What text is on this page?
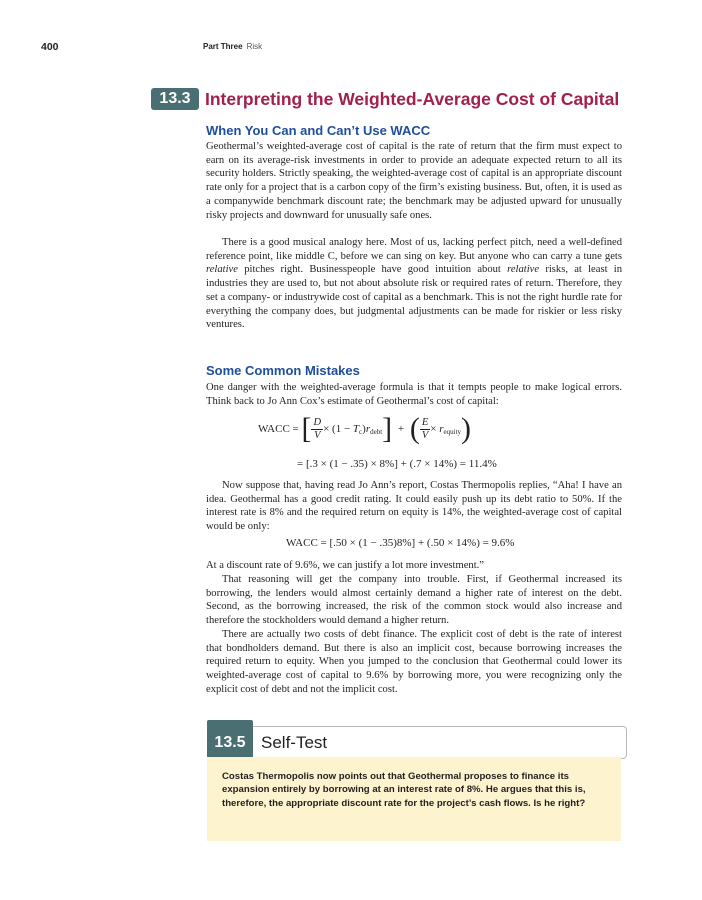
400	Part Three Risk
13.3 Interpreting the Weighted-Average Cost of Capital
When You Can and Can’t Use WACC

Geothermal’s weighted-average cost of capital is the rate of return that the firm must expect to earn on its average-risk investments in order to provide an adequate expected return to all its security holders. Strictly speaking, the weighted-average cost of capital is an appropriate discount rate only for a project that is a carbon copy of the firm’s existing business. But, often, it is used as a companywide benchmark discount rate; the benchmark may be adjusted upward for unusually risky projects and downward for unusually safe ones.

There is a good musical analogy here. Most of us, lacking perfect pitch, need a well-defined reference point, like middle C, before we can sing on key. But anyone who can carry a tune gets relative pitches right. Businesspeople have good intuition about relative risks, at least in industries they are used to, but not about absolute risk or required rates of return. Therefore, they set a company- or industrywide cost of capital as a benchmark. This is not the right hurdle rate for everything the company does, but judgmental adjustments can be made for riskier or less risky ventures.

Some Common Mistakes

One danger with the weighted-average formula is that it tempts people to make logical errors. Think back to Jo Ann Cox’s estimate of Geothermal’s cost of capital:

WACC = [ $\frac{D}{V} \times (1 - T_c)r_{debt}$] + ( $\frac{E}{V} \times r_{equity}$)
= [.3 × (1 − .35) × 8%] + (.7 × 14%) = 11.4%

Now suppose that, having read Jo Ann’s report, Costas Thermopolis replies, “Aha! I have an idea. Geothermal has a good credit rating. It could easily push up its debt ratio to 50%. If the interest rate is 8% and the required return on equity is 14%, the weighted-average cost of capital would be only:

WACC = [.50 × (1 − .35)8%] + (.50 × 14%) = 9.6%

At a discount rate of 9.6%, we can justify a lot more investment.”

That reasoning will get the company into trouble. First, if Geothermal increased its borrowing, the lenders would almost certainly demand a higher rate of interest on the debt. Second, as the borrowing increased, the risk of the common stock would also increase and therefore the stockholders would demand a higher return.

There are actually two costs of debt finance. The explicit cost of debt is the rate of interest that bondholders demand. But there is also an implicit cost, because borrowing increases the required return to equity. When you jumped to the conclusion that Geothermal could lower its weighted-average cost of capital to 9.6% by borrowing more, you were recognizing only the explicit cost of debt and not the implicit cost.

13.5 Self-Test

Costas Thermopolis now points out that Geothermal proposes to finance its expansion entirely by borrowing at an interest rate of 8%. He argues that this is, therefore, the appropriate discount rate for the project’s cash flows. Is he right?
